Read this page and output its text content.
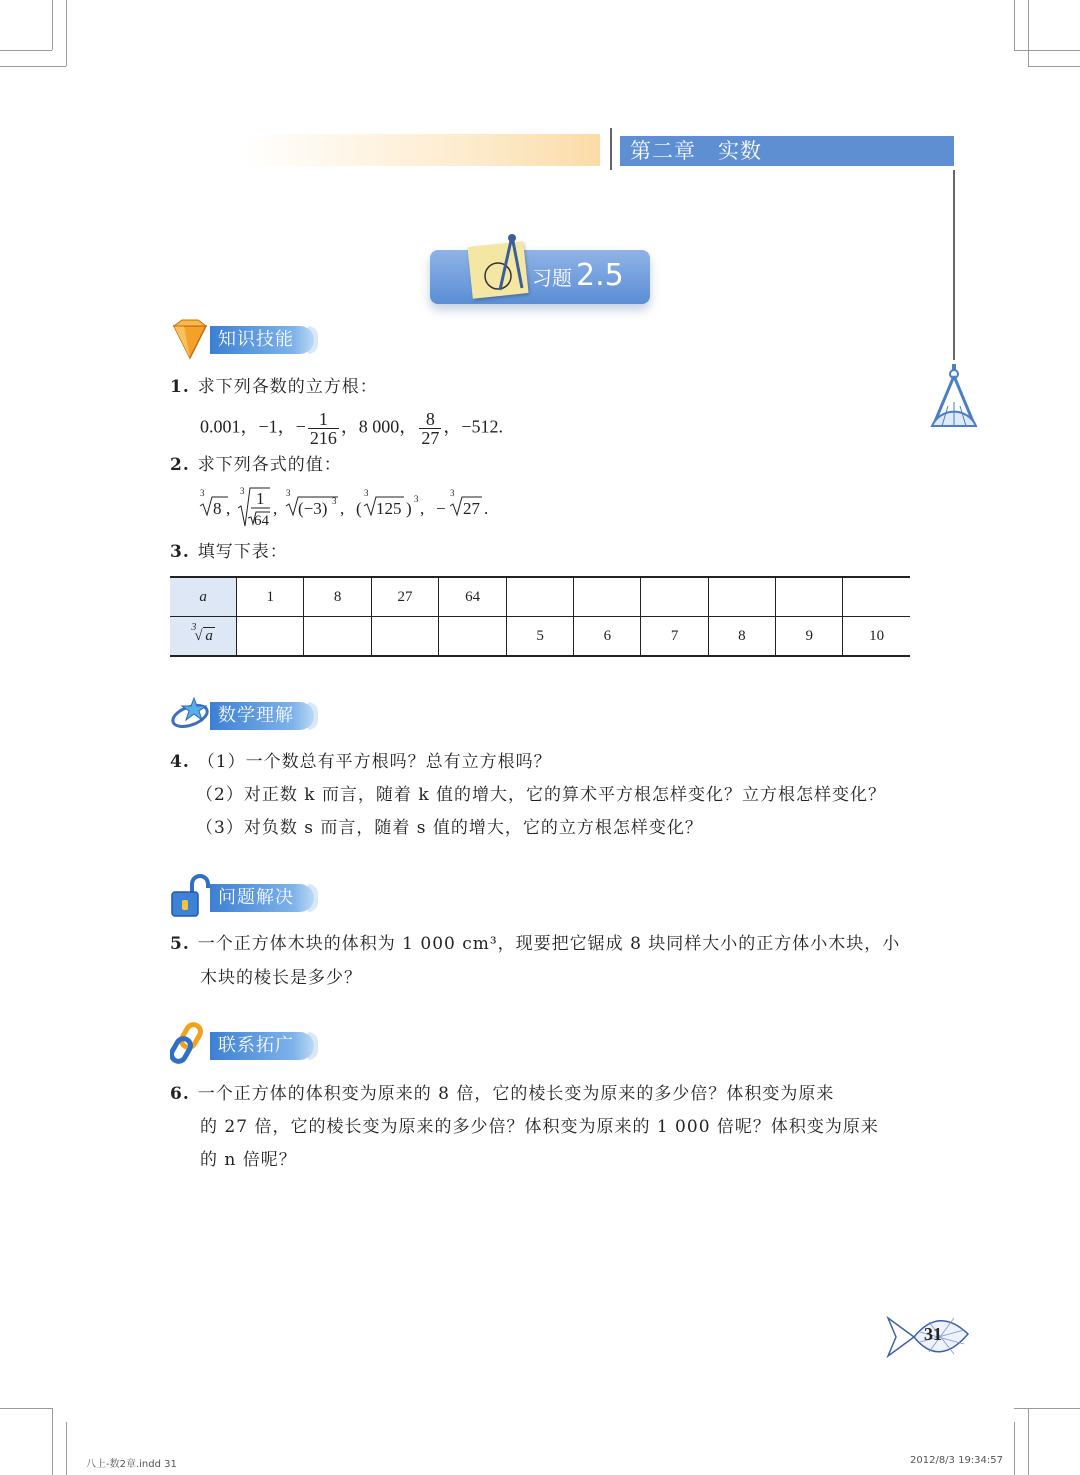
第二章 实数
习题 2.5
知识技能
1. 求下列各数的立方根：
0.001，−1，− $\frac{1}{216}$ ，8 000， $\frac{8}{27}$ ，−512.
2. 求下列各式的值：
3
8 ,
3 1
64
,
3
(−3) 3 , (
3
125 ) 3 , −
3
27 .
3. 填写下表：
a	1	8	27	64						

3
√ a					5	6	7	8	9	10
数学理解
4. （1）一个数总有平方根吗？总有立方根吗？
（2）对正数 k 而言，随着 k 值的增大，它的算术平方根怎样变化？立方根怎样变化？
（3）对负数 s 而言，随着 s 值的增大，它的立方根怎样变化？
问题解决
5. 一个正方体木块的体积为 1 000 cm³，现要把它锯成 8 块同样大小的正方体小木块，小
木块的棱长是多少？
联系拓广
6. 一个正方体的体积变为原来的 8 倍，它的棱长变为原来的多少倍？体积变为原来
的 27 倍，它的棱长变为原来的多少倍？体积变为原来的 1 000 倍呢？体积变为原来
的 n 倍呢？
31
八上-数2章.indd 31	2012/8/3 19:34:57
